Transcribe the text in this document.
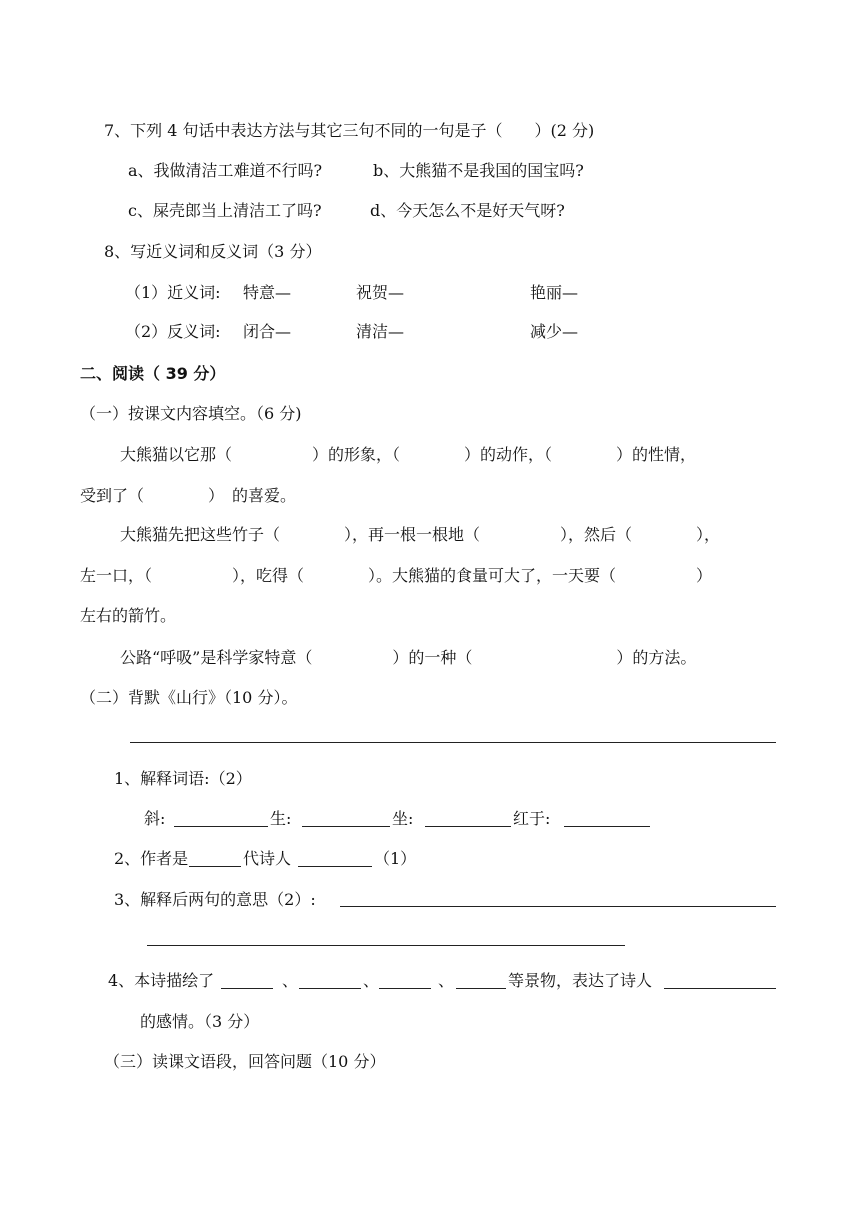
7、下列 4 句话中表达方法与其它三句不同的一句是子（　　）(2 分)
a、我做清洁工难道不行吗?	b、大熊猫不是我国的国宝吗?
c、屎壳郎当上清洁工了吗?	d、今天怎么不是好天气呀?
8、写近义词和反义词（3 分）
（1）近义词: 特意—	祝贺—	艳丽—
（2）反义词: 闭合—	清洁—	减少—
二、阅读（ 39 分）
（一）按课文内容填空。（6 分)
大熊猫以它那（　　　　　）的形象，（　　　　）的动作，（　　　　）的性情，
受到了（　　　　）　的喜爱。
大熊猫先把这些竹子（　　　　），再一根一根地（　　　　　），然后（　　　　），
左一口，（　　　　　），吃得（　　　　）。大熊猫的食量可大了，一天要（　　　　　）
左右的箭竹。
公路“呼吸”是科学家特意（　　　　　）的一种（　　　　　　　　　）的方法。
（二）背默《山行》（10 分）。
1、解释词语:（2）
斜:	生:	坐:	红于:
2、作者是	代诗人	（1）
3、解释后两句的意思（2）:
4、本诗描绘了	、	、	、	等景物，表达了诗人
的感情。（3 分）
（三）读课文语段，回答问题（10 分）
